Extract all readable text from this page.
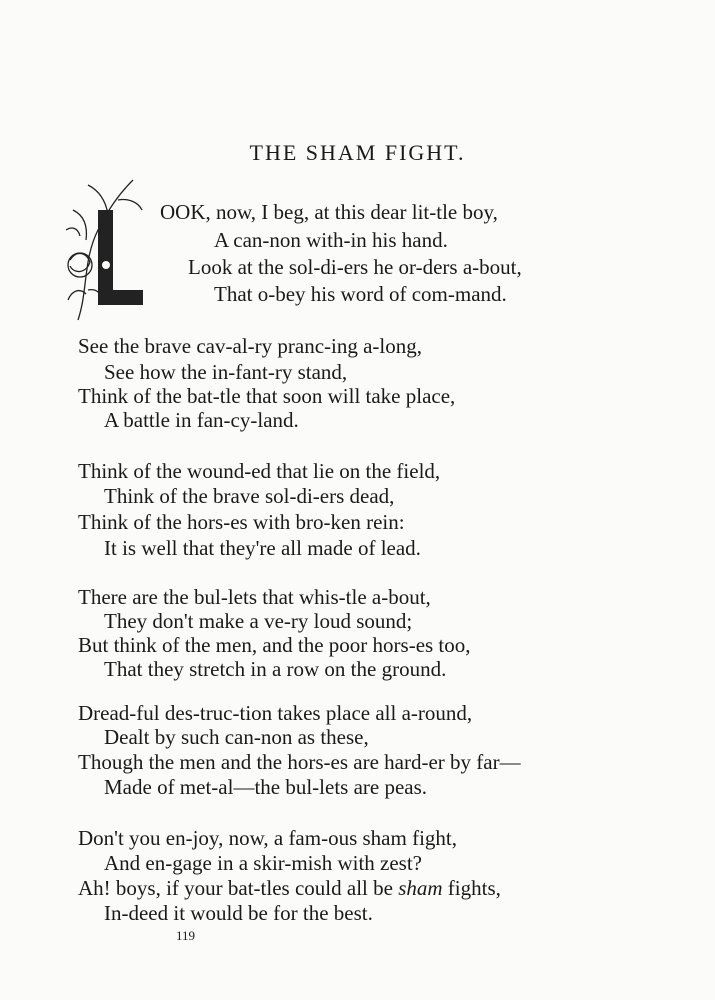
THE SHAM FIGHT.
L
OOK, now, I beg, at this dear lit-tle boy,
A can-non with-in his hand.
Look at the sol-di-ers he or-ders a-bout,
That o-bey his word of com-mand.
See the brave cav-al-ry pranc-ing a-long,
See how the in-fant-ry stand,
Think of the bat-tle that soon will take place,
A battle in fan-cy-land.
Think of the wound-ed that lie on the field,
Think of the brave sol-di-ers dead,
Think of the hors-es with bro-ken rein:
It is well that they're all made of lead.
There are the bul-lets that whis-tle a-bout,
They don't make a ve-ry loud sound;
But think of the men, and the poor hors-es too,
That they stretch in a row on the ground.
Dread-ful des-truc-tion takes place all a-round,
Dealt by such can-non as these,
Though the men and the hors-es are hard-er by far—
Made of met-al—the bul-lets are peas.
Don't you en-joy, now, a fam-ous sham fight,
And en-gage in a skir-mish with zest?
Ah! boys, if your bat-tles could all be sham fights,
In-deed it would be for the best.
119
